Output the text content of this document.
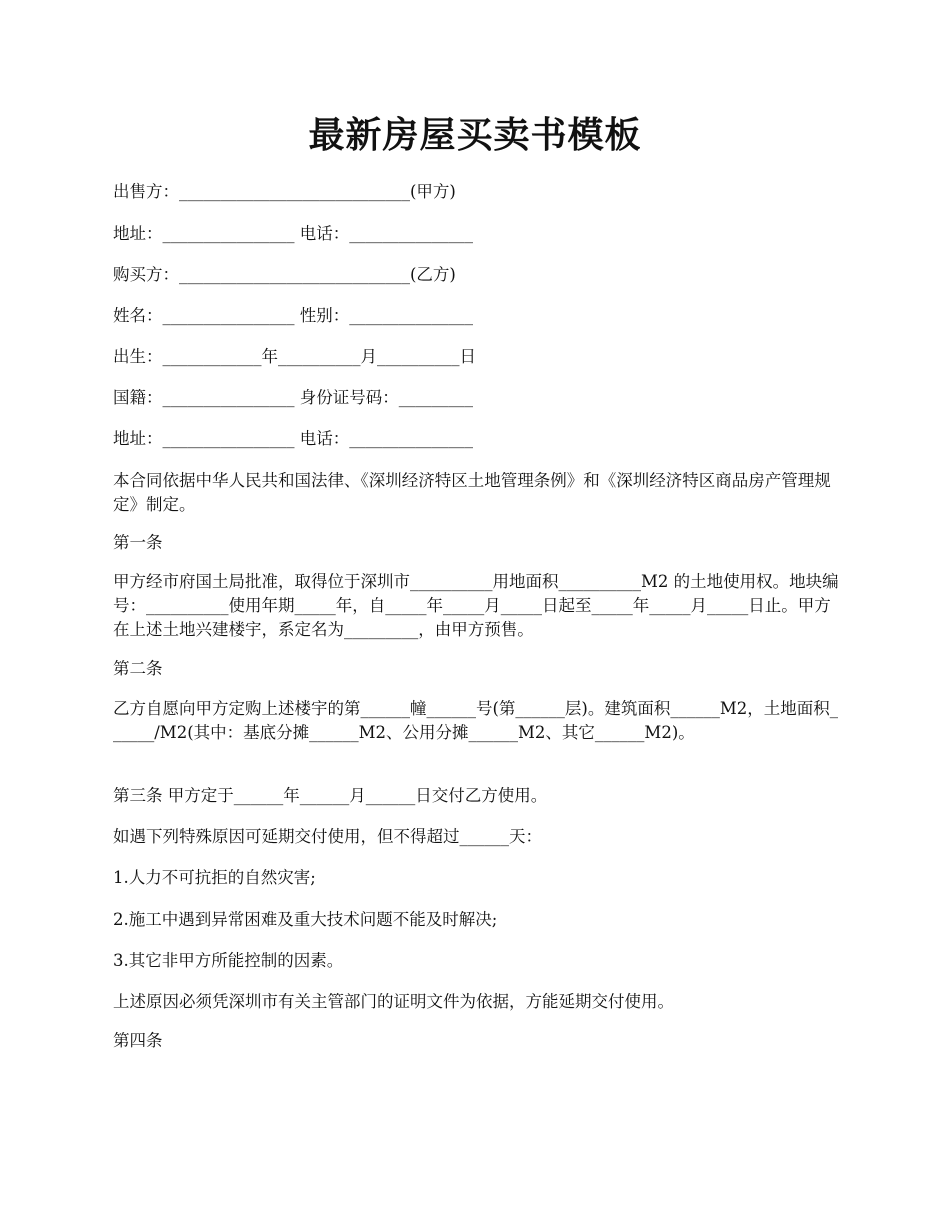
最新房屋买卖书模板

出售方：____________________________(甲方)

地址：________________ 电话：_______________

购买方：____________________________(乙方)

姓名：________________ 性别：_______________

出生：____________年__________月__________日

国籍：________________ 身份证号码：_________

地址：________________ 电话：_______________

本合同依据中华人民共和国法律、《深圳经济特区土地管理条例》和《深圳经济特区商品房产管理规定》制定。

第一条

甲方经市府国土局批准，取得位于深圳市__________用地面积__________M2 的土地使用权。地块编号：__________使用年期_____年，自_____年_____月_____日起至_____年_____月_____日止。甲方在上述土地兴建楼宇，系定名为_________，由甲方预售。

第二条

乙方自愿向甲方定购上述楼宇的第______幢______号(第______层)。建筑面积______M2，土地面积______/M2(其中：基底分摊______M2、公用分摊______M2、其它______M2)。

第三条 甲方定于______年______月______日交付乙方使用。

如遇下列特殊原因可延期交付使用，但不得超过______天：

1.人力不可抗拒的自然灾害;

2.施工中遇到异常困难及重大技术问题不能及时解决;

3.其它非甲方所能控制的因素。

上述原因必须凭深圳市有关主管部门的证明文件为依据，方能延期交付使用。

第四条
